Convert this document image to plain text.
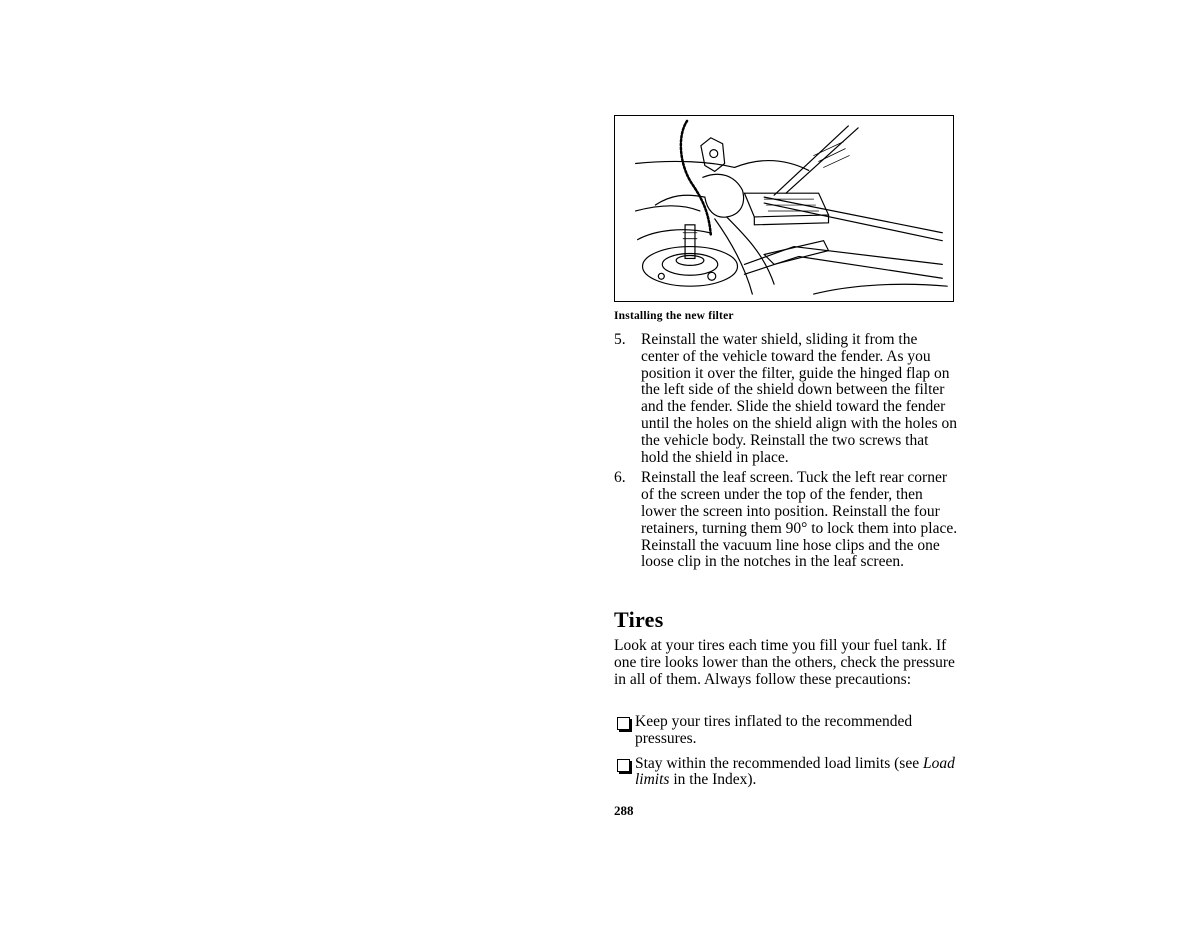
Installing the new filter
5. Reinstall the water shield, sliding it from the center of the vehicle toward the fender. As you position it over the filter, guide the hinged flap on the left side of the shield down between the filter and the fender. Slide the shield toward the fender until the holes on the shield align with the holes on the vehicle body. Reinstall the two screws that hold the shield in place.
6. Reinstall the leaf screen. Tuck the left rear corner of the screen under the top of the fender, then lower the screen into position. Reinstall the four retainers, turning them 90° to lock them into place. Reinstall the vacuum line hose clips and the one loose clip in the notches in the leaf screen.
Tires

Look at your tires each time you fill your fuel tank. If one tire looks lower than the others, check the pressure in all of them. Always follow these precautions:

Keep your tires inflated to the recommended pressures.
Stay within the recommended load limits (see Load limits in the Index).
288
